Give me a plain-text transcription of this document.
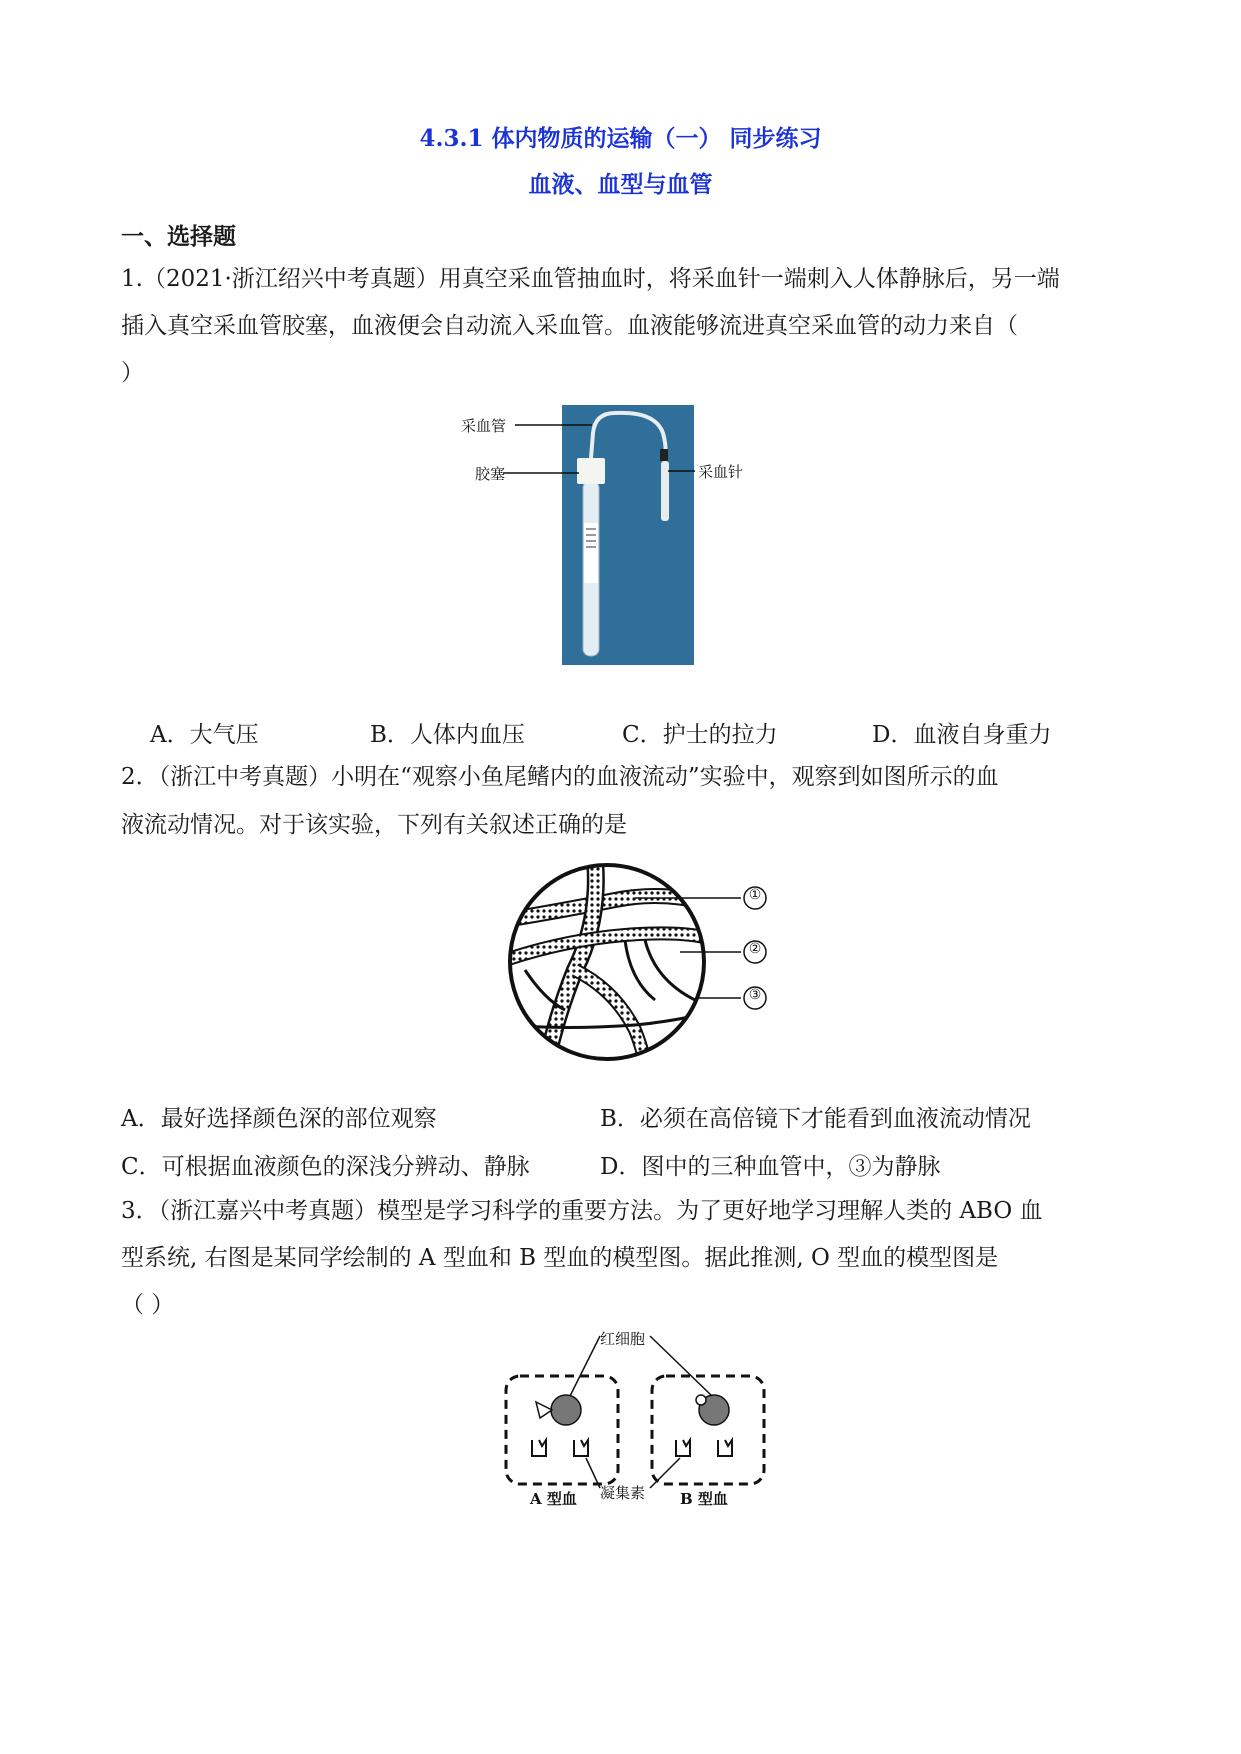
4.3.1 体内物质的运输（一） 同步练习
血液、血型与血管
一、选择题
1.（2021·浙江绍兴中考真题）用真空采血管抽血时，将采血针一端刺入人体静脉后，另一端
插入真空采血管胶塞，血液便会自动流入采血管。血液能够流进真空采血管的动力来自（
）
采血管
胶塞	采血针
A．大气压	B．人体内血压	C．护士的拉力	D．血液自身重力
2．（浙江中考真题）小明在“观察小鱼尾鳍内的血液流动”实验中，观察到如图所示的血
液流动情况。对于该实验，下列有关叙述正确的是
①
②
③
A．最好选择颜色深的部位观察	B．必须在高倍镜下才能看到血液流动情况
C．可根据血液颜色的深浅分辨动、静脉	D．图中的三种血管中，③为静脉
3．（浙江嘉兴中考真题）模型是学习科学的重要方法。为了更好地学习理解人类的 ABO 血
型系统, 右图是某同学绘制的 A 型血和 B 型血的模型图。据此推测, O 型血的模型图是
（ ）
红细胞
凝集素
A 型血	B 型血
